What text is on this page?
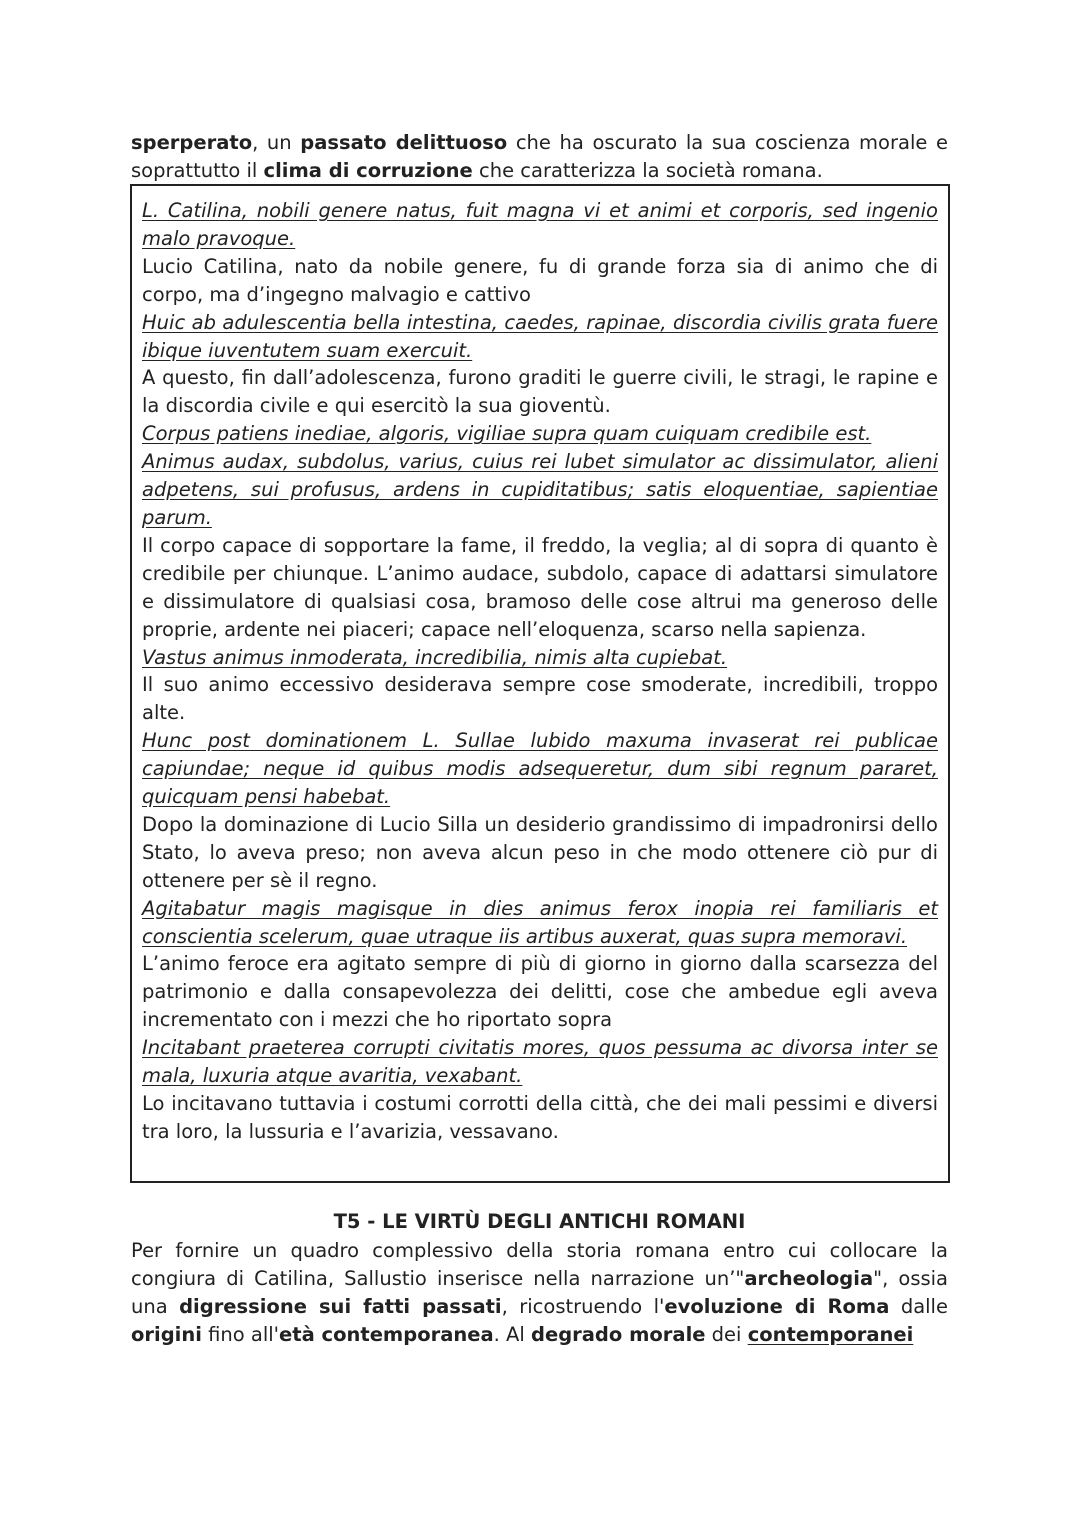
sperperato, un passato delittuoso che ha oscurato la sua coscienza morale e soprattutto il clima di corruzione che caratterizza la società romana.
L. Catilina, nobili genere natus, fuit magna vi et animi et corporis, sed ingenio malo pravoque.
Lucio Catilina, nato da nobile genere, fu di grande forza sia di animo che di corpo, ma d’ingegno malvagio e cattivo
Huic ab adulescentia bella intestina, caedes, rapinae, discordia civilis grata fuere ibique iuventutem suam exercuit.
A questo, fin dall’adolescenza, furono graditi le guerre civili, le stragi, le rapine e la discordia civile e qui esercitò la sua gioventù.
Corpus patiens inediae, algoris, vigiliae supra quam cuiquam credibile est.
Animus audax, subdolus, varius, cuius rei lubet simulator ac dissimulator, alieni adpetens, sui profusus, ardens in cupiditatibus; satis eloquentiae, sapientiae parum.
Il corpo capace di sopportare la fame, il freddo, la veglia; al di sopra di quanto è credibile per chiunque. L’animo audace, subdolo, capace di adattarsi simulatore e dissimulatore di qualsiasi cosa, bramoso delle cose altrui ma generoso delle proprie, ardente nei piaceri; capace nell’eloquenza, scarso nella sapienza.
Vastus animus inmoderata, incredibilia, nimis alta cupiebat.
Il suo animo eccessivo desiderava sempre cose smoderate, incredibili, troppo alte.
Hunc post dominationem L. Sullae lubido maxuma invaserat rei publicae capiundae; neque id quibus modis adsequeretur, dum sibi regnum pararet, quicquam pensi habebat.
Dopo la dominazione di Lucio Silla un desiderio grandissimo di impadronirsi dello Stato, lo aveva preso; non aveva alcun peso in che modo ottenere ciò pur di ottenere per sè il regno.
Agitabatur magis magisque in dies animus ferox inopia rei familiaris et conscientia scelerum, quae utraque iis artibus auxerat, quas supra memoravi.
L’animo feroce era agitato sempre di più di giorno in giorno dalla scarsezza del patrimonio e dalla consapevolezza dei delitti, cose che ambedue egli aveva incrementato con i mezzi che ho riportato sopra
Incitabant praeterea corrupti civitatis mores, quos pessuma ac divorsa inter se mala, luxuria atque avaritia, vexabant.
Lo incitavano tuttavia i costumi corrotti della città, che dei mali pessimi e diversi tra loro, la lussuria e l’avarizia, vessavano.
T5 - LE VIRTÙ DEGLI ANTICHI ROMANI
Per fornire un quadro complessivo della storia romana entro cui collocare la congiura di Catilina, Sallustio inserisce nella narrazione un’"archeologia", ossia una digressione sui fatti passati, ricostruendo l'evoluzione di Roma dalle origini fino all'età contemporanea. Al degrado morale dei contemporanei
